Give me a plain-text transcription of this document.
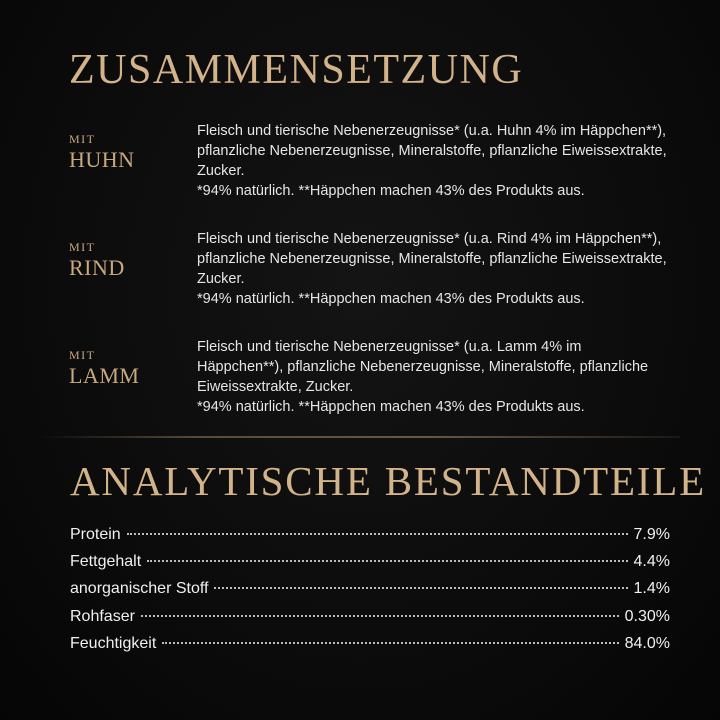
ZUSAMMENSETZUNG
MIT
HUHN

Fleisch und tierische Nebenerzeugnisse* (u.a. Huhn 4% im Häppchen**), pflanzliche Nebenerzeugnisse, Mineralstoffe, pflanzliche Eiweissextrakte, Zucker.

*94% natürlich. **Häppchen machen 43% des Produkts aus.

MIT
RIND

Fleisch und tierische Nebenerzeugnisse* (u.a. Rind 4% im Häppchen**), pflanzliche Nebenerzeugnisse, Mineralstoffe, pflanzliche Eiweissextrakte, Zucker.

*94% natürlich. **Häppchen machen 43% des Produkts aus.

MIT
LAMM

Fleisch und tierische Nebenerzeugnisse* (u.a. Lamm 4% im Häppchen**), pflanzliche Nebenerzeugnisse, Mineralstoffe, pflanzliche Eiweissextrakte, Zucker.

*94% natürlich. **Häppchen machen 43% des Produkts aus.

ANALYTISCHE BESTANDTEILE
Protein	7.9%
Fettgehalt	4.4%
anorganischer Stoff	1.4%
Rohfaser	0.30%
Feuchtigkeit	84.0%
